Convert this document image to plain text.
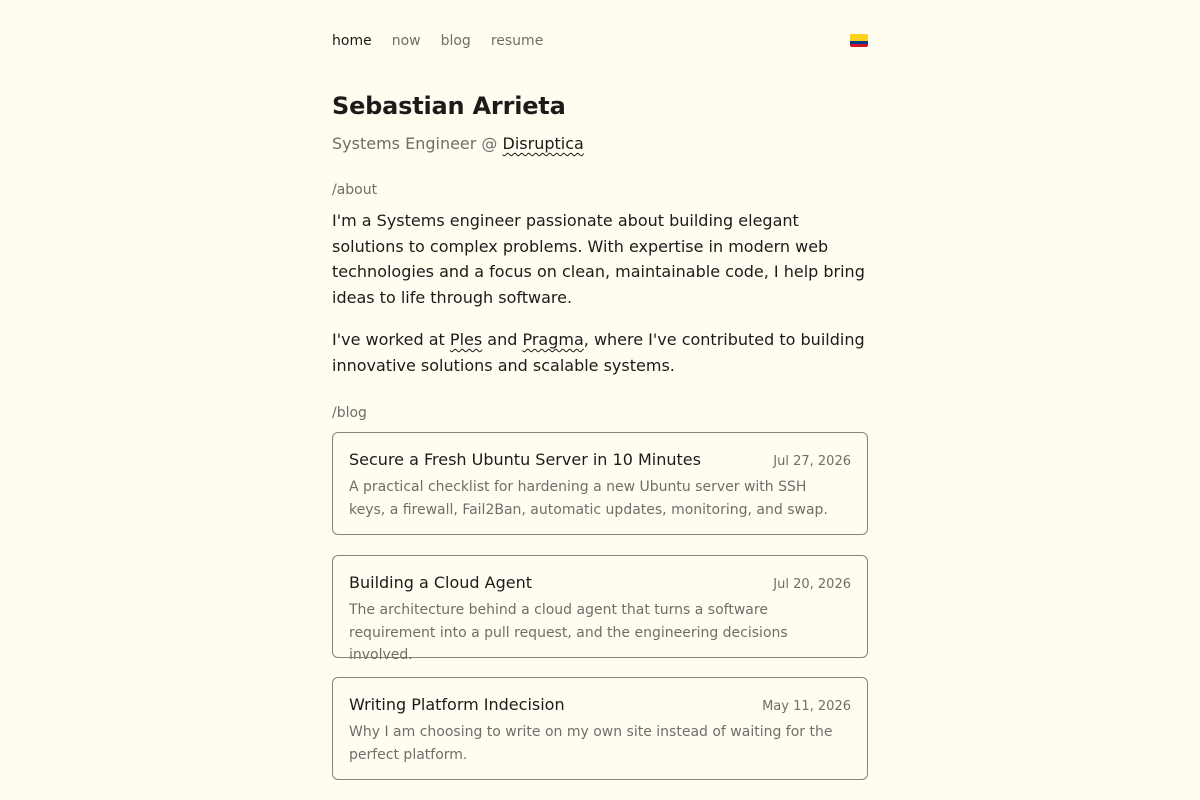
home now blog resume
Sebastian Arrieta
Systems Engineer @ Disruptica
/about

I'm a Systems engineer passionate about building elegant solutions to complex problems. With expertise in modern web technologies and a focus on clean, maintainable code, I help bring ideas to life through software.

I've worked at Ples and Pragma, where I've contributed to building innovative solutions and scalable systems.

/blog
Secure a Fresh Ubuntu Server in 10 Minutes	Jul 27, 2026

A practical checklist for hardening a new Ubuntu server with SSH keys, a firewall, Fail2Ban, automatic updates, monitoring, and swap.

Building a Cloud Agent	Jul 20, 2026

The architecture behind a cloud agent that turns a software requirement into a pull request, and the engineering decisions involved.

Writing Platform Indecision	May 11, 2026

Why I am choosing to write on my own site instead of waiting for the perfect platform.
